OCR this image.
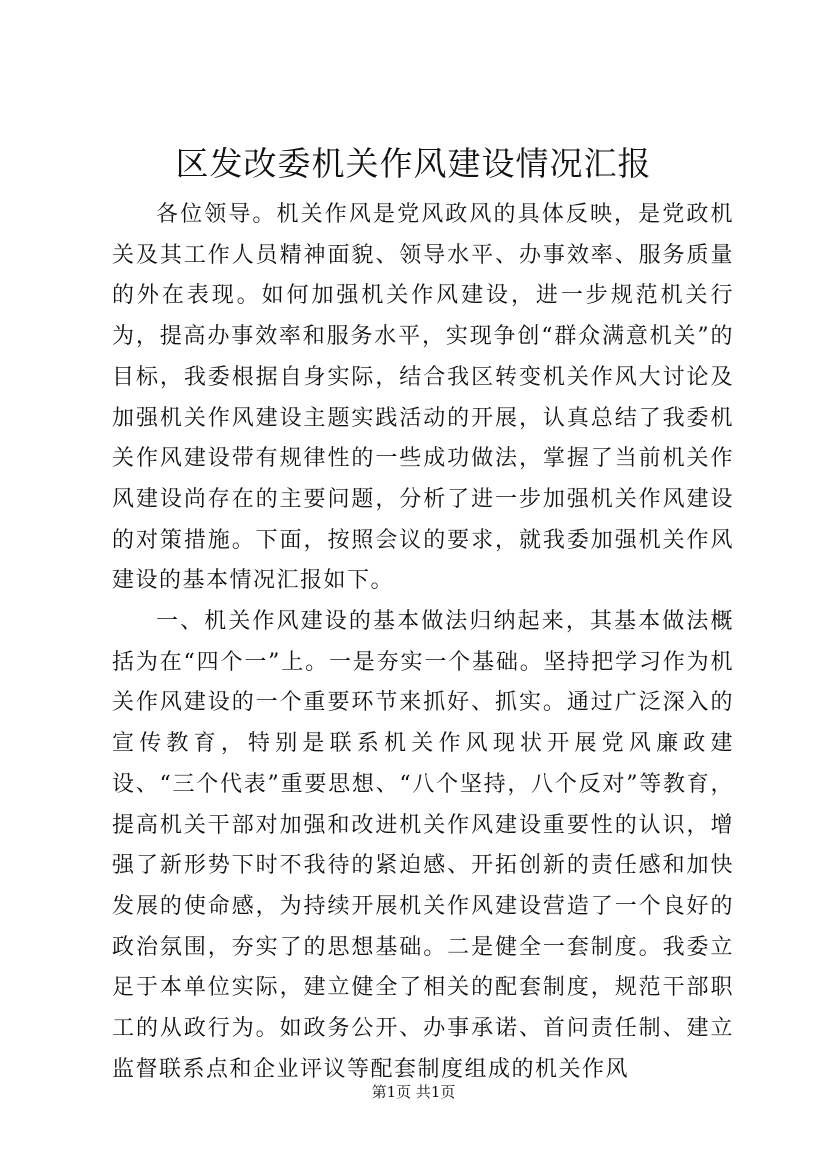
区发改委机关作风建设情况汇报

各位领导。机关作风是党风政风的具体反映，是党政机关及其工作人员精神面貌、领导水平、办事效率、服务质量的外在表现。如何加强机关作风建设，进一步规范机关行为，提高办事效率和服务水平，实现争创“群众满意机关”的目标，我委根据自身实际，结合我区转变机关作风大讨论及加强机关作风建设主题实践活动的开展，认真总结了我委机关作风建设带有规律性的一些成功做法，掌握了当前机关作风建设尚存在的主要问题，分析了进一步加强机关作风建设的对策措施。下面，按照会议的要求，就我委加强机关作风建设的基本情况汇报如下。

一、机关作风建设的基本做法归纳起来，其基本做法概括为在“四个一”上。一是夯实一个基础。坚持把学习作为机关作风建设的一个重要环节来抓好、抓实。通过广泛深入的宣传教育，特别是联系机关作风现状开展党风廉政建设、“三个代表”重要思想、“八个坚持，八个反对”等教育，提高机关干部对加强和改进机关作风建设重要性的认识，增强了新形势下时不我待的紧迫感、开拓创新的责任感和加快发展的使命感，为持续开展机关作风建设营造了一个良好的政治氛围，夯实了的思想基础。二是健全一套制度。我委立足于本单位实际，建立健全了相关的配套制度，规范干部职工的从政行为。如政务公开、办事承诺、首问责任制、建立监督联系点和企业评议等配套制度组成的机关作风

第1页 共1页
